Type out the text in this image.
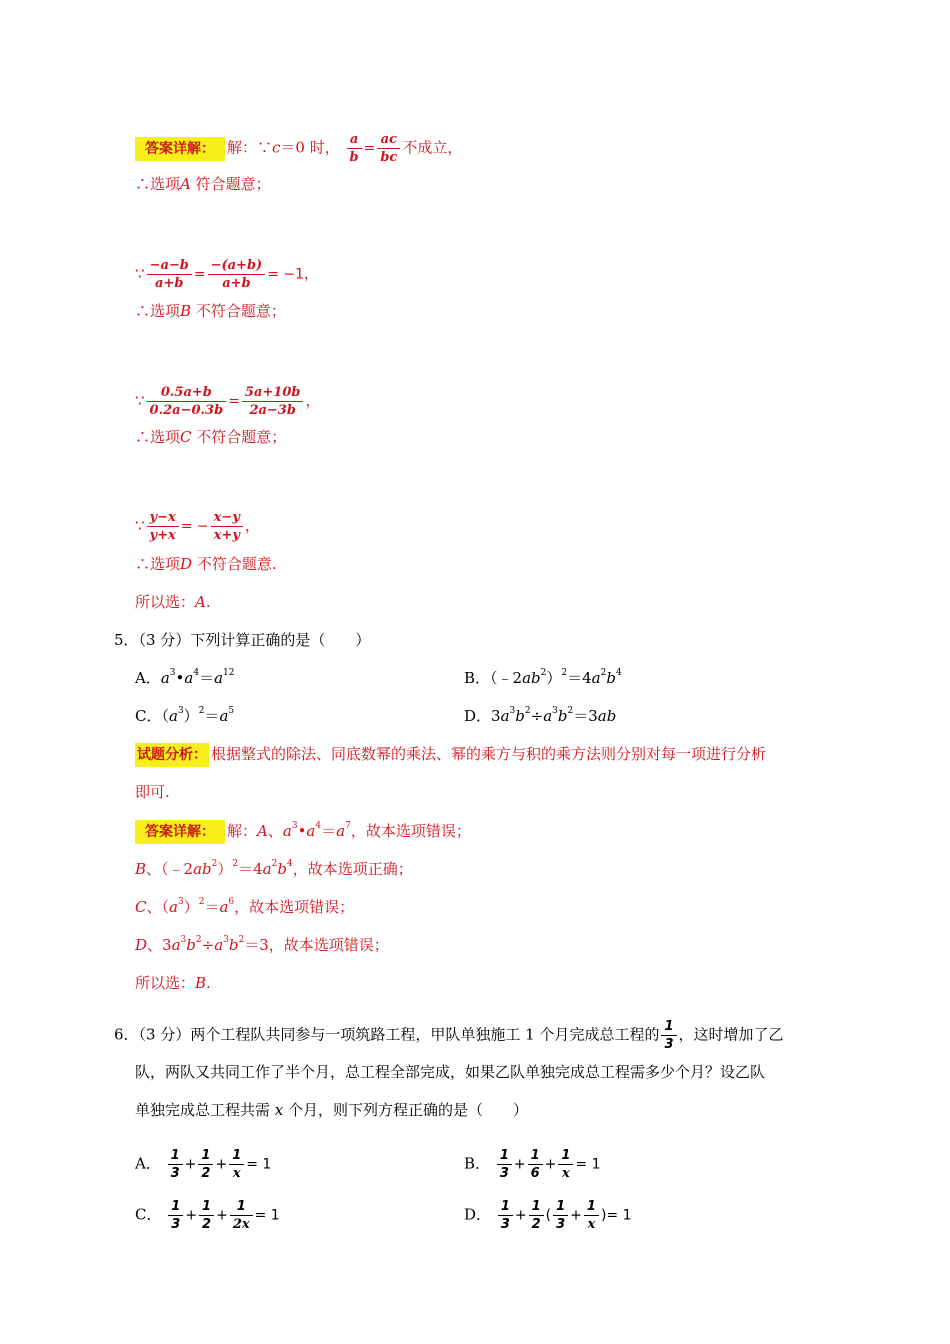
答案详解： 解：∵c＝0 时， $\frac{a}{b} = \frac{ac}{bc}$ 不成立，
∴选项A 符合题意；
∵ $\frac{-a-b}{a+b} = \frac{-(a+b)}{a+b} = -1$，
∴选项B 不符合题意；
∵ $\frac{0.5a+b}{0.2a-0.3b} = \frac{5a+10b}{2a-3b}$ ，
∴选项C 不符合题意；
∵ $\frac{y-x}{y+x}$ = − $\frac{x-y}{x+y}$ ，
∴选项D 不符合题意.
所以选：A.
5．（3 分）下列计算正确的是（　　）
A．$a^3•a^4=a^{12}$	B．$(﹣2ab^2)^2=4a^2b^4$
C．$(a^3)^2=a^5$	D．$3a^3b^2\div a^3b^2=3ab$
试题分析： 根据整式的除法、同底数幂的乘法、幂的乘方与积的乘方法则分别对每一项进行分析
即可.
答案详解： 解：A、$a^3•a^4=a^7$，故本选项错误；
B、$(﹣2ab^2)^2=4a^2b^4$，故本选项正确；
C、$(a^3)^2=a^6$，故本选项错误；
D、$3a^3b^2\div a^3b^2=3$，故本选项错误；
所以选：B.
6．（3 分）两个工程队共同参与一项筑路工程，甲队单独施工 1 个月完成总工程的 $\frac{1}{3}$ ，这时增加了乙
队，两队又共同工作了半个月，总工程全部完成，如果乙队单独完成总工程需多少个月？设乙队
单独完成总工程共需 x 个月，则下列方程正确的是（　　）
A． $\frac{1}{3} + \frac{1}{2} + \frac{1}{x} = 1$	B． $\frac{1}{3} + \frac{1}{6} + \frac{1}{x} = 1$
C． $\frac{1}{3} + \frac{1}{2} + \frac{1}{2x} = 1$	D． $\frac{1}{3} + \frac{1}{2}$ ( $\frac{1}{3} + \frac{1}{x}$ )= 1
